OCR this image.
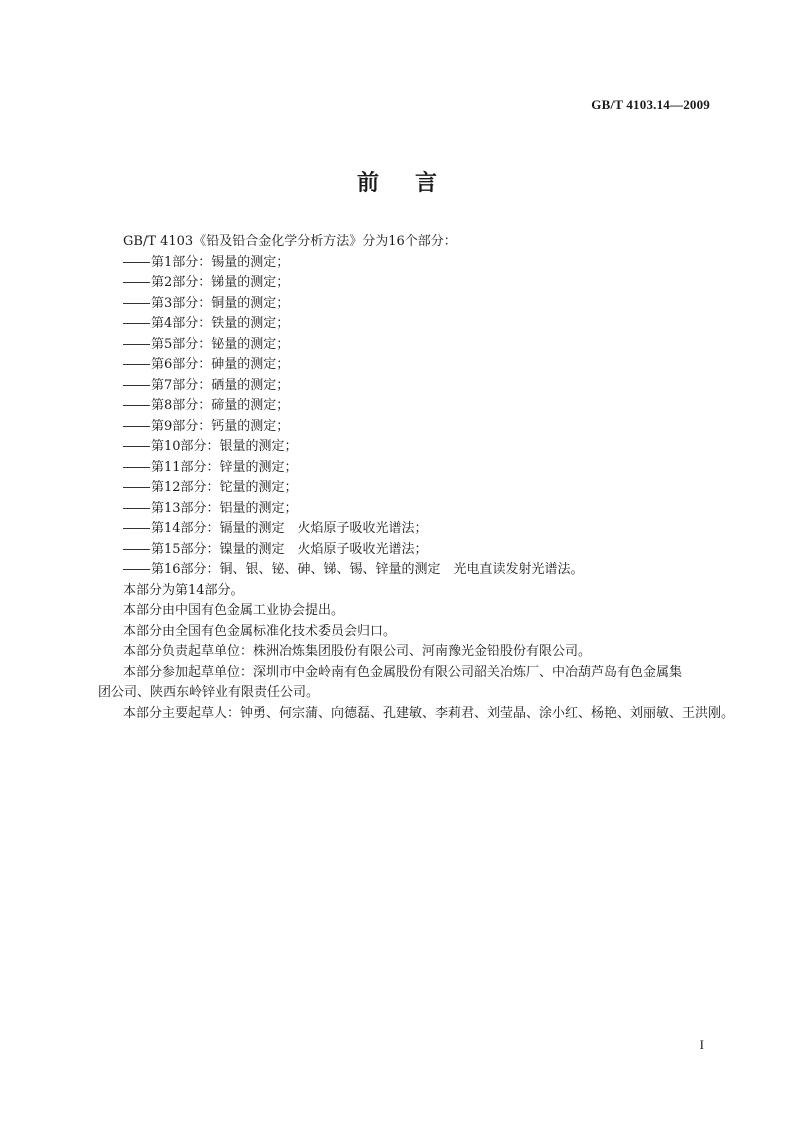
GB/T 4103.14—2009
前言

GB/T 4103《铅及铅合金化学分析方法》分为16个部分：

第1部分：锡量的测定；

第2部分：锑量的测定；

第3部分：铜量的测定；

第4部分：铁量的测定；

第5部分：铋量的测定；

第6部分：砷量的测定；

第7部分：硒量的测定；

第8部分：碲量的测定；

第9部分：钙量的测定；

第10部分：银量的测定；

第11部分：锌量的测定；

第12部分：铊量的测定；

第13部分：铝量的测定；

第14部分：镉量的测定　火焰原子吸收光谱法；

第15部分：镍量的测定　火焰原子吸收光谱法；

第16部分：铜、银、铋、砷、锑、锡、锌量的测定　光电直读发射光谱法。

本部分为第14部分。

本部分由中国有色金属工业协会提出。

本部分由全国有色金属标准化技术委员会归口。

本部分负责起草单位：株洲冶炼集团股份有限公司、河南豫光金铅股份有限公司。

本部分参加起草单位：深圳市中金岭南有色金属股份有限公司韶关冶炼厂、中冶葫芦岛有色金属集
团公司、陕西东岭锌业有限责任公司。

本部分主要起草人：钟勇、何宗蒲、向德磊、孔建敏、李莉君、刘莹晶、涂小红、杨艳、刘丽敏、王洪刚。

I
